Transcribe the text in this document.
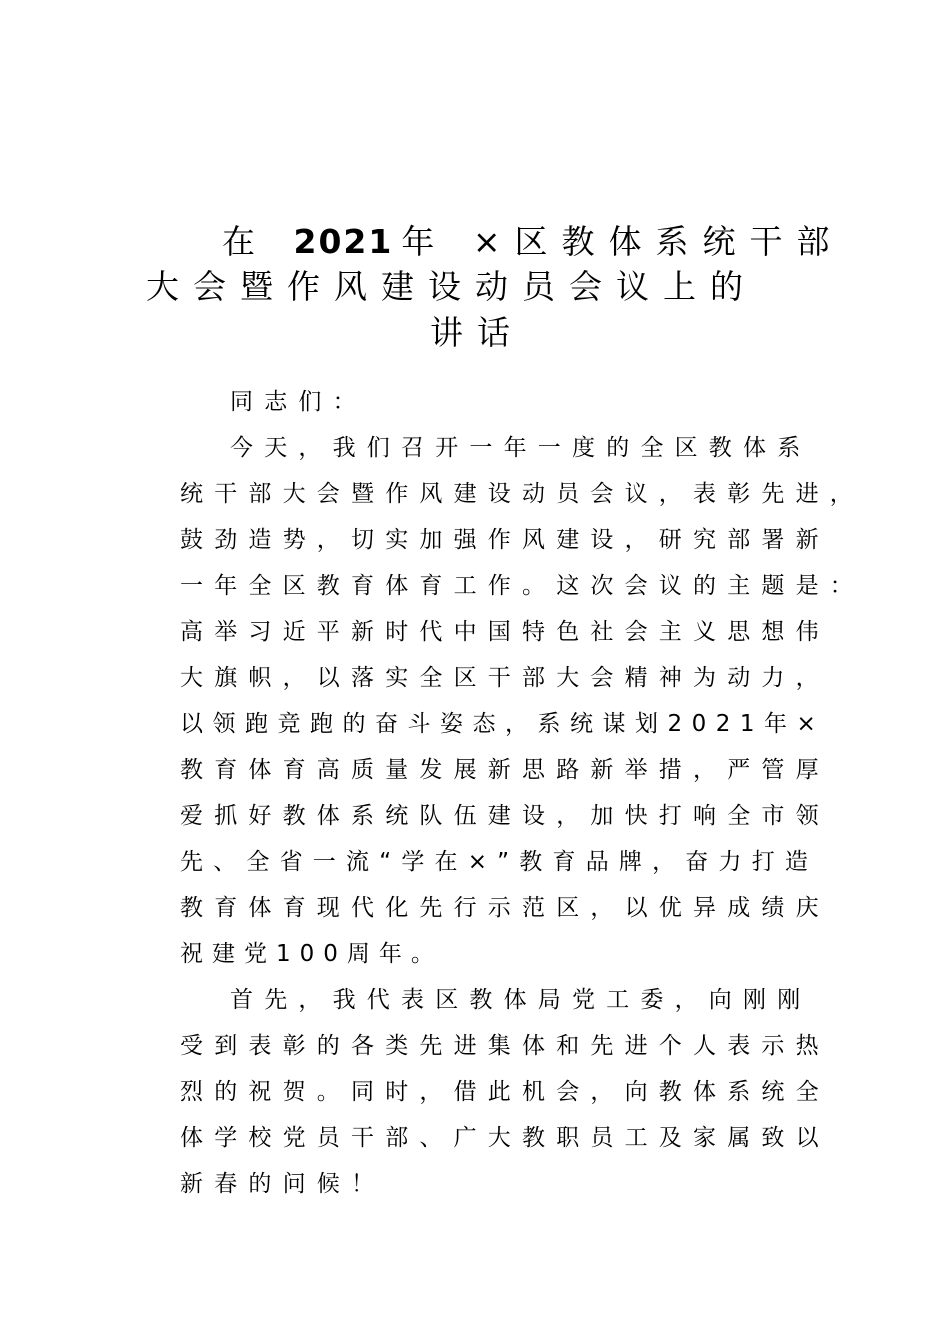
在 2021 年 ×区教体系统干部
大会暨作风建设动员会议上的
讲话
同志们：
今天，我们召开一年一度的全区教体系
统干部大会暨作风建设动员会议，表彰先进，
鼓劲造势，切实加强作风建设，研究部署新
一年全区教育体育工作。这次会议的主题是：
高举习近平新时代中国特色社会主义思想伟
大旗帜，以落实全区干部大会精神为动力，
以领跑竞跑的奋斗姿态，系统谋划2021年×
教育体育高质量发展新思路新举措，严管厚
爱抓好教体系统队伍建设，加快打响全市领
先、全省一流“学在×”教育品牌，奋力打造
教育体育现代化先行示范区，以优异成绩庆
祝建党100周年。
首先，我代表区教体局党工委，向刚刚
受到表彰的各类先进集体和先进个人表示热
烈的祝贺。同时，借此机会，向教体系统全
体学校党员干部、广大教职员工及家属致以
新春的问候！
